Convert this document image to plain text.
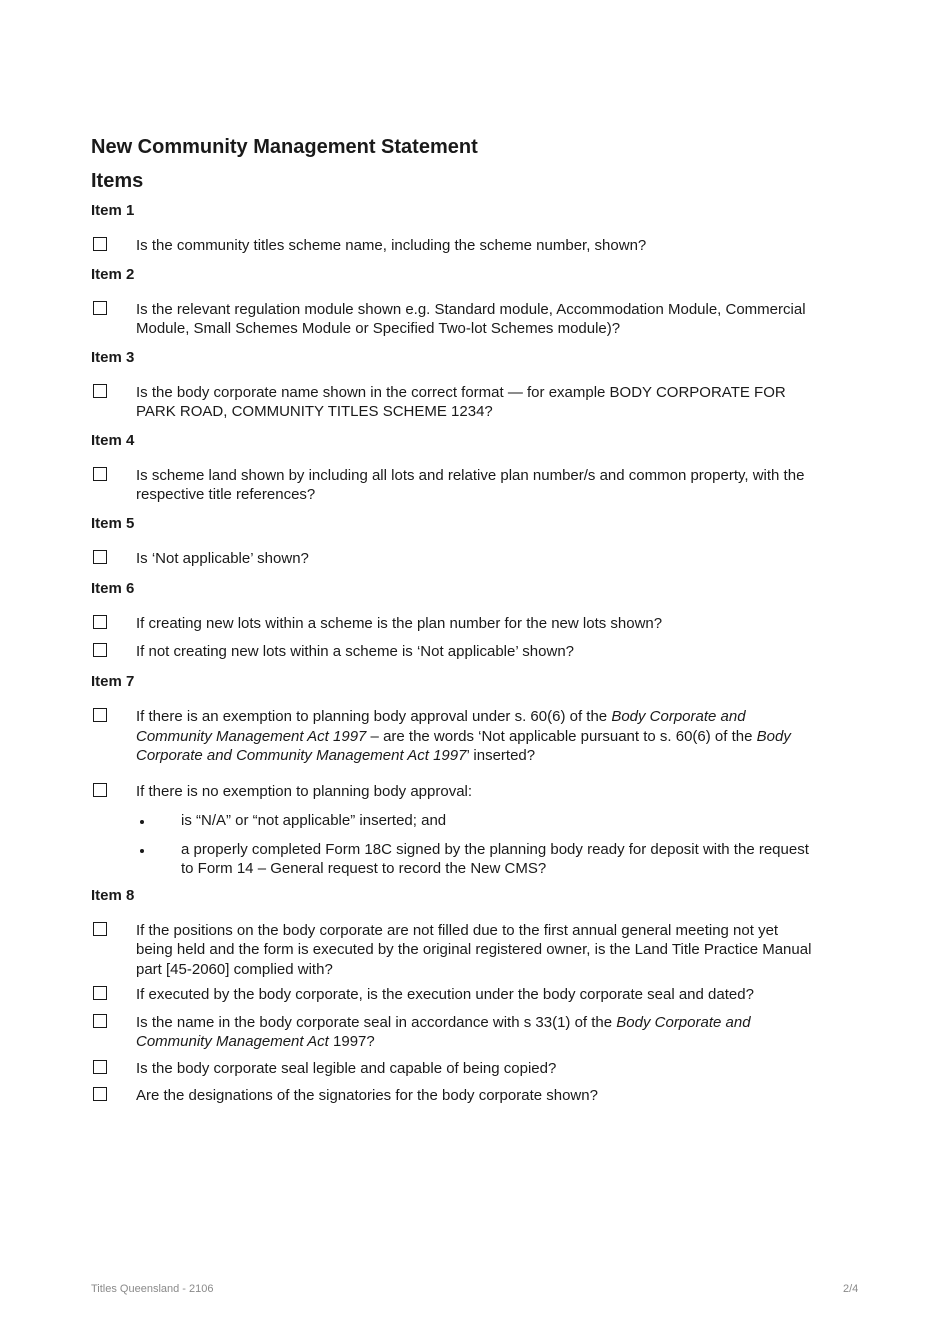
New Community Management Statement
Items

Item 1

Is the community titles scheme name, including the scheme number, shown?

Item 2

Is the relevant regulation module shown e.g. Standard module, Accommodation Module, Commercial
Module, Small Schemes Module or Specified Two-lot Schemes module)?

Item 3

Is the body corporate name shown in the correct format — for example BODY CORPORATE FOR
PARK ROAD, COMMUNITY TITLES SCHEME 1234?

Item 4

Is scheme land shown by including all lots and relative plan number/s and common property, with the
respective title references?

Item 5

Is ‘Not applicable’ shown?

Item 6

If creating new lots within a scheme is the plan number for the new lots shown?
If not creating new lots within a scheme is ‘Not applicable’ shown?

Item 7

If there is an exemption to planning body approval under s. 60(6) of the Body Corporate and
Community Management Act 1997 – are the words ‘Not applicable pursuant to s. 60(6) of the Body
Corporate and Community Management Act 1997’ inserted?
If there is no exemption to planning body approval:
is “N/A” or “not applicable” inserted; and
a properly completed Form 18C signed by the planning body ready for deposit with the request
to Form 14 – General request to record the New CMS?

Item 8

If the positions on the body corporate are not filled due to the first annual general meeting not yet
being held and the form is executed by the original registered owner, is the Land Title Practice Manual
part [45-2060] complied with?
If executed by the body corporate, is the execution under the body corporate seal and dated?
Is the name in the body corporate seal in accordance with s 33(1) of the Body Corporate and
Community Management Act 1997?
Is the body corporate seal legible and capable of being copied?
Are the designations of the signatories for the body corporate shown?
Titles Queensland - 2106	2/4
